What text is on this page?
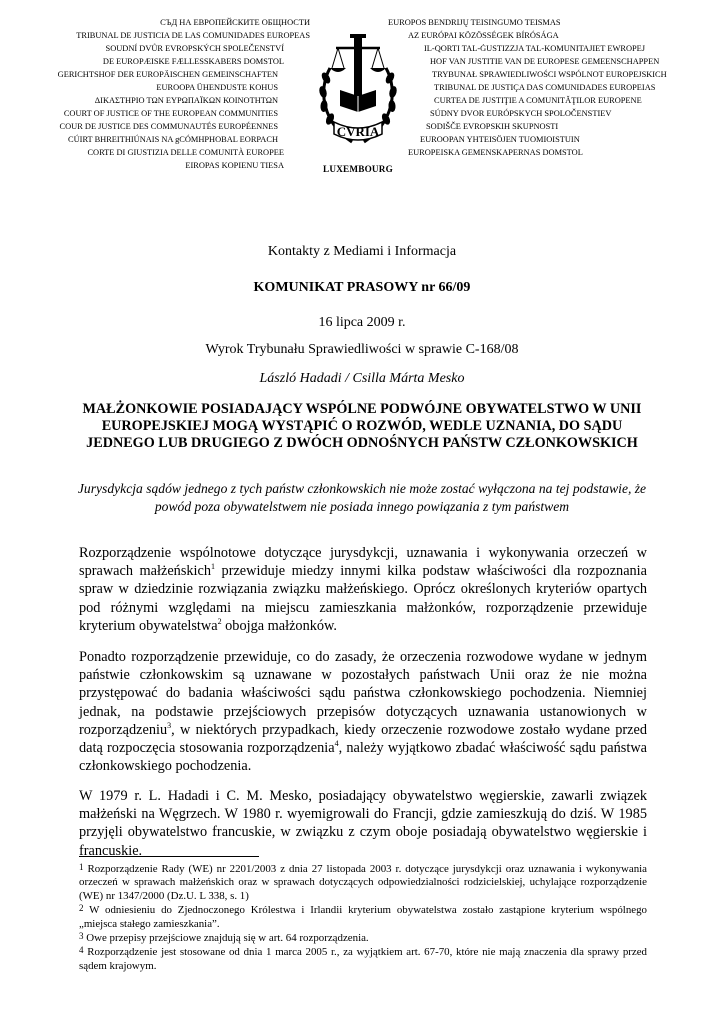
СЪД НА ЕВРОПЕЙСКИТЕ ОБЩНОСТИ
TRIBUNAL DE JUSTICIA DE LAS COMUNIDADES EUROPEAS
SOUDNÍ DVŮR EVROPSKÝCH SPOLEČENSTVÍ
DE EUROPÆISKE FÆLLESSKABERS DOMSTOL
GERICHTSHOF DER EUROPÄISCHEN GEMEINSCHAFTEN
EUROOPA ÜHENDUSTE KOHUS
ΔΙΚΑΣΤΗΡΙΟ ΤΩΝ ΕΥΡΩΠΑΪΚΩΝ ΚΟΙΝΟΤΗΤΩΝ
COURT OF JUSTICE OF THE EUROPEAN COMMUNITIES
COUR DE JUSTICE DES COMMUNAUTÉS EUROPÉENNES
CÚIRT BHREITHIÚNAIS NA gCÓMHPHOBAL EORPACH
CORTE DI GIUSTIZIA DELLE COMUNITÀ EUROPEE
EIROPAS KOPIENU TIESA
CVRIA
LUXEMBOURG
EUROPOS BENDRIJŲ TEISINGUMO TEISMAS
AZ EURÓPAI KÖZÖSSÉGEK BÍRÓSÁGA
IL-QORTI TAL-ĠUSTIZZJA TAL-KOMUNITAJIET EWROPEJ
HOF VAN JUSTITIE VAN DE EUROPESE GEMEENSCHAPPEN
TRYBUNAŁ SPRAWIEDLIWOŚCI WSPÓLNOT EUROPEJSKICH
TRIBUNAL DE JUSTIÇA DAS COMUNIDADES EUROPEIAS
CURTEA DE JUSTIŢIE A COMUNITĂŢILOR EUROPENE
SÚDNY DVOR EURÓPSKYCH SPOLOČENSTIEV
SODIŠČE EVROPSKIH SKUPNOSTI
EUROOPAN YHTEISÖJEN TUOMIOISTUIN
EUROPEISKA GEMENSKAPERNAS DOMSTOL
Kontakty z Mediami i Informacja
KOMUNIKAT PRASOWY nr 66/09
16 lipca 2009 r.
Wyrok Trybunału Sprawiedliwości w sprawie C-168/08
László Hadadi / Csilla Márta Mesko
MAŁŻONKOWIE POSIADAJĄCY WSPÓLNE PODWÓJNE OBYWATELSTWO W UNII EUROPEJSKIEJ MOGĄ WYSTĄPIĆ O ROZWÓD, WEDLE UZNANIA, DO SĄDU JEDNEGO LUB DRUGIEGO Z DWÓCH ODNOŚNYCH PAŃSTW CZŁONKOWSKICH
Jurysdykcja sądów jednego z tych państw członkowskich nie może zostać wyłączona na tej podstawie, że powód poza obywatelstwem nie posiada innego powiązania z tym państwem
Rozporządzenie wspólnotowe dotyczące jurysdykcji, uznawania i wykonywania orzeczeń w sprawach małżeńskich$^1$ przewiduje miedzy innymi kilka podstaw właściwości dla rozpoznania spraw w dziedzinie rozwiązania związku małżeńskiego. Oprócz określonych kryteriów opartych pod różnymi względami na miejscu zamieszkania małżonków, rozporządzenie przewiduje kryterium obywatelstwa$^2$ obojga małżonków.
Ponadto rozporządzenie przewiduje, co do zasady, że orzeczenia rozwodowe wydane w jednym państwie członkowskim są uznawane w pozostałych państwach Unii oraz że nie można przystępować do badania właściwości sądu państwa członkowskiego pochodzenia. Niemniej jednak, na podstawie przejściowych przepisów dotyczących uznawania ustanowionych w rozporządzeniu$^3$, w niektórych przypadkach, kiedy orzeczenie rozwodowe zostało wydane przed datą rozpoczęcia stosowania rozporządzenia$^4$, należy wyjątkowo zbadać właściwość sądu państwa członkowskiego pochodzenia.
W 1979 r. L. Hadadi i C. M. Mesko, posiadający obywatelstwo węgierskie, zawarli związek małżeński na Węgrzech. W 1980 r. wyemigrowali do Francji, gdzie zamieszkują do dziś. W 1985 przyjęli obywatelstwo francuskie, w związku z czym oboje posiadają obywatelstwo węgierskie i francuskie.
$^1$ Rozporządzenie Rady (WE) nr 2201/2003 z dnia 27 listopada 2003 r. dotyczące jurysdykcji oraz uznawania i wykonywania orzeczeń w sprawach małżeńskich oraz w sprawach dotyczących odpowiedzialności rodzicielskiej, uchylające rozporządzenie (WE) nr 1347/2000 (Dz.U. L 338, s. 1)
$^2$ W odniesieniu do Zjednoczonego Królestwa i Irlandii kryterium obywatelstwa zostało zastąpione kryterium wspólnego „miejsca stałego zamieszkania”.
$^3$ Owe przepisy przejściowe znajdują się w art. 64 rozporządzenia.
$^4$ Rozporządzenie jest stosowane od dnia 1 marca 2005 r., za wyjątkiem art. 67-70, które nie mają znaczenia dla sprawy przed sądem krajowym.
